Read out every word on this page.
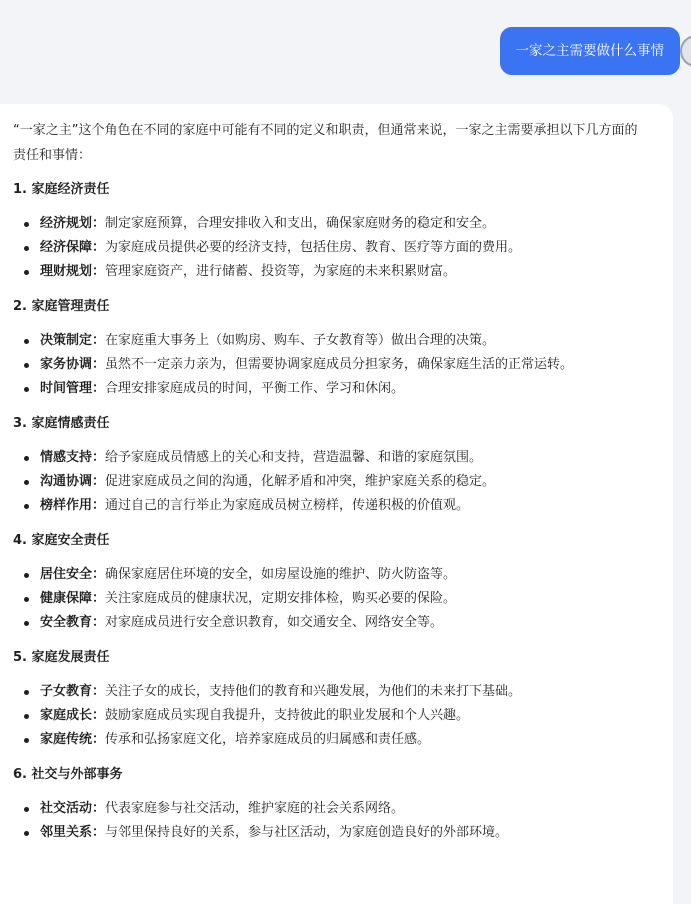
一家之主需要做什么事情

“一家之主”这个角色在不同的家庭中可能有不同的定义和职责，但通常来说，一家之主需要承担以下几方面的责任和事情：

1. 家庭经济责任

经济规划：制定家庭预算，合理安排收入和支出，确保家庭财务的稳定和安全。
经济保障：为家庭成员提供必要的经济支持，包括住房、教育、医疗等方面的费用。
理财规划：管理家庭资产，进行储蓄、投资等，为家庭的未来积累财富。

2. 家庭管理责任

决策制定：在家庭重大事务上（如购房、购车、子女教育等）做出合理的决策。
家务协调：虽然不一定亲力亲为，但需要协调家庭成员分担家务，确保家庭生活的正常运转。
时间管理：合理安排家庭成员的时间，平衡工作、学习和休闲。

3. 家庭情感责任

情感支持：给予家庭成员情感上的关心和支持，营造温馨、和谐的家庭氛围。
沟通协调：促进家庭成员之间的沟通，化解矛盾和冲突，维护家庭关系的稳定。
榜样作用：通过自己的言行举止为家庭成员树立榜样，传递积极的价值观。

4. 家庭安全责任

居住安全：确保家庭居住环境的安全，如房屋设施的维护、防火防盗等。
健康保障：关注家庭成员的健康状况，定期安排体检，购买必要的保险。
安全教育：对家庭成员进行安全意识教育，如交通安全、网络安全等。

5. 家庭发展责任

子女教育：关注子女的成长，支持他们的教育和兴趣发展，为他们的未来打下基础。
家庭成长：鼓励家庭成员实现自我提升，支持彼此的职业发展和个人兴趣。
家庭传统：传承和弘扬家庭文化，培养家庭成员的归属感和责任感。

6. 社交与外部事务

社交活动：代表家庭参与社交活动，维护家庭的社会关系网络。
邻里关系：与邻里保持良好的关系，参与社区活动，为家庭创造良好的外部环境。
